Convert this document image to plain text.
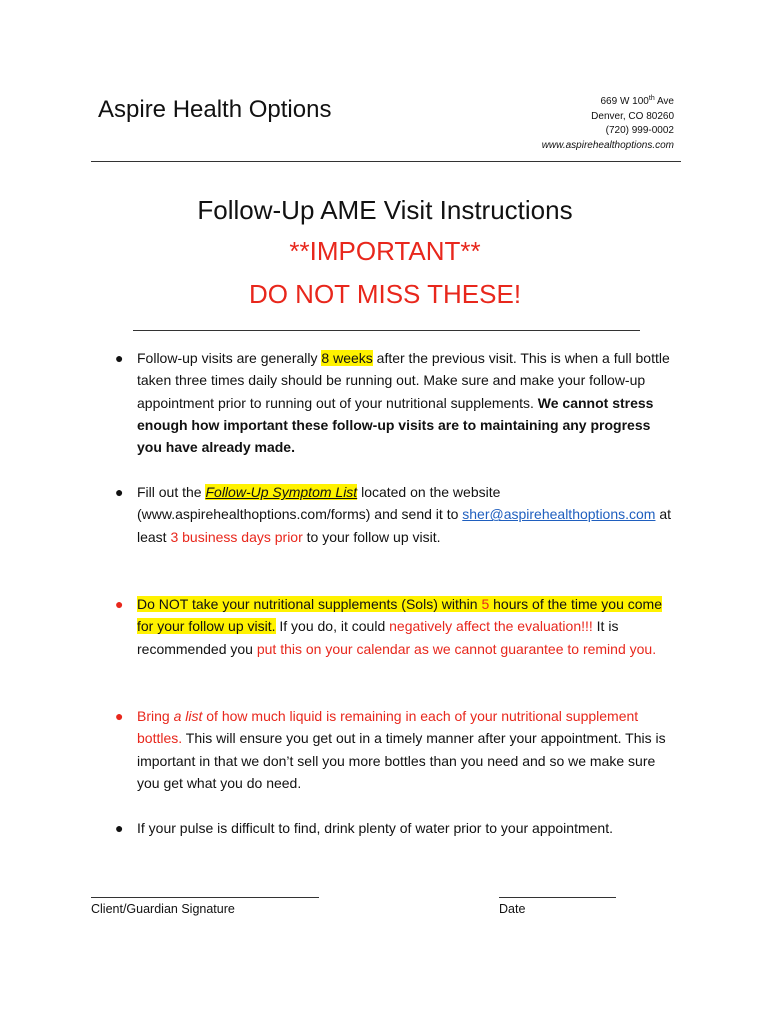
Aspire Health Options	669 W 100th Ave
Denver, CO 80260
(720) 999-0002
www.aspirehealthoptions.com
Follow-Up AME Visit Instructions
**IMPORTANT**
DO NOT MISS THESE!
● Follow-up visits are generally 8 weeks after the previous visit. This is when a full bottle taken three times daily should be running out. Make sure and make your follow-up appointment prior to running out of your nutritional supplements. We cannot stress enough how important these follow-up visits are to maintaining any progress you have already made.
● Fill out the Follow-Up Symptom List located on the website (www.aspirehealthoptions.com/forms) and send it to sher@aspirehealthoptions.com at least 3 business days prior to your follow up visit.
● Do NOT take your nutritional supplements (Sols) within 5 hours of the time you come for your follow up visit. If you do, it could negatively affect the evaluation!!! It is recommended you put this on your calendar as we cannot guarantee to remind you.
● Bring a list of how much liquid is remaining in each of your nutritional supplement bottles. This will ensure you get out in a timely manner after your appointment. This is important in that we don’t sell you more bottles than you need and so we make sure you get what you do need.
● If your pulse is difficult to find, drink plenty of water prior to your appointment.
Client/Guardian Signature	Date
